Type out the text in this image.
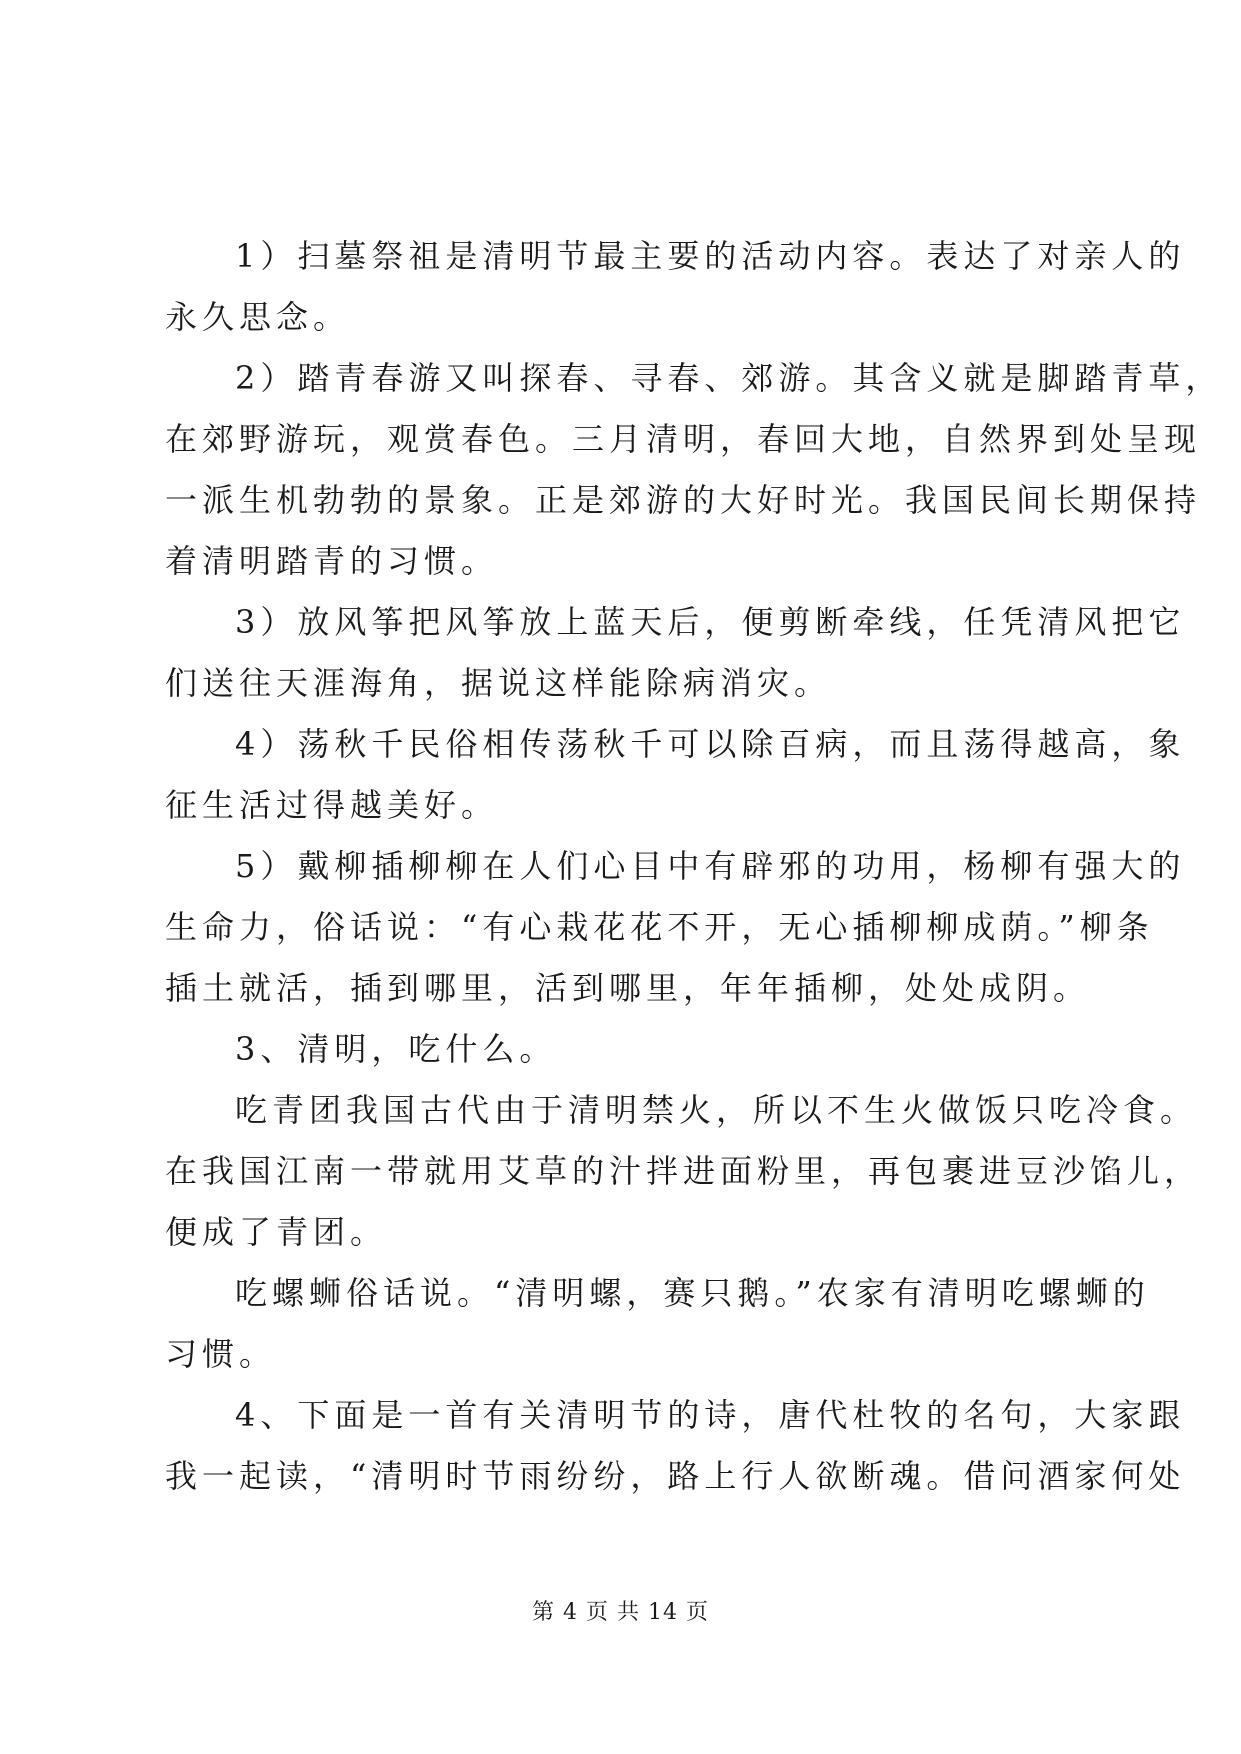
1）扫墓祭祖是清明节最主要的活动内容。表达了对亲人的
永久思念。

2）踏青春游又叫探春、寻春、郊游。其含义就是脚踏青草，
在郊野游玩，观赏春色。三月清明，春回大地，自然界到处呈现
一派生机勃勃的景象。正是郊游的大好时光。我国民间长期保持
着清明踏青的习惯。

3）放风筝把风筝放上蓝天后，便剪断牵线，任凭清风把它
们送往天涯海角，据说这样能除病消灾。

4）荡秋千民俗相传荡秋千可以除百病，而且荡得越高，象
征生活过得越美好。

5）戴柳插柳柳在人们心目中有辟邪的功用，杨柳有强大的
生命力，俗话说：“有心栽花花不开，无心插柳柳成荫。”柳条
插土就活，插到哪里，活到哪里，年年插柳，处处成阴。

3、清明，吃什么。

吃青团我国古代由于清明禁火，所以不生火做饭只吃冷食。
在我国江南一带就用艾草的汁拌进面粉里，再包裹进豆沙馅儿，
便成了青团。

吃螺蛳俗话说。“清明螺，赛只鹅。”农家有清明吃螺蛳的
习惯。

4、下面是一首有关清明节的诗，唐代杜牧的名句，大家跟
我一起读，“清明时节雨纷纷，路上行人欲断魂。借问酒家何处

第 4 页 共 14 页
